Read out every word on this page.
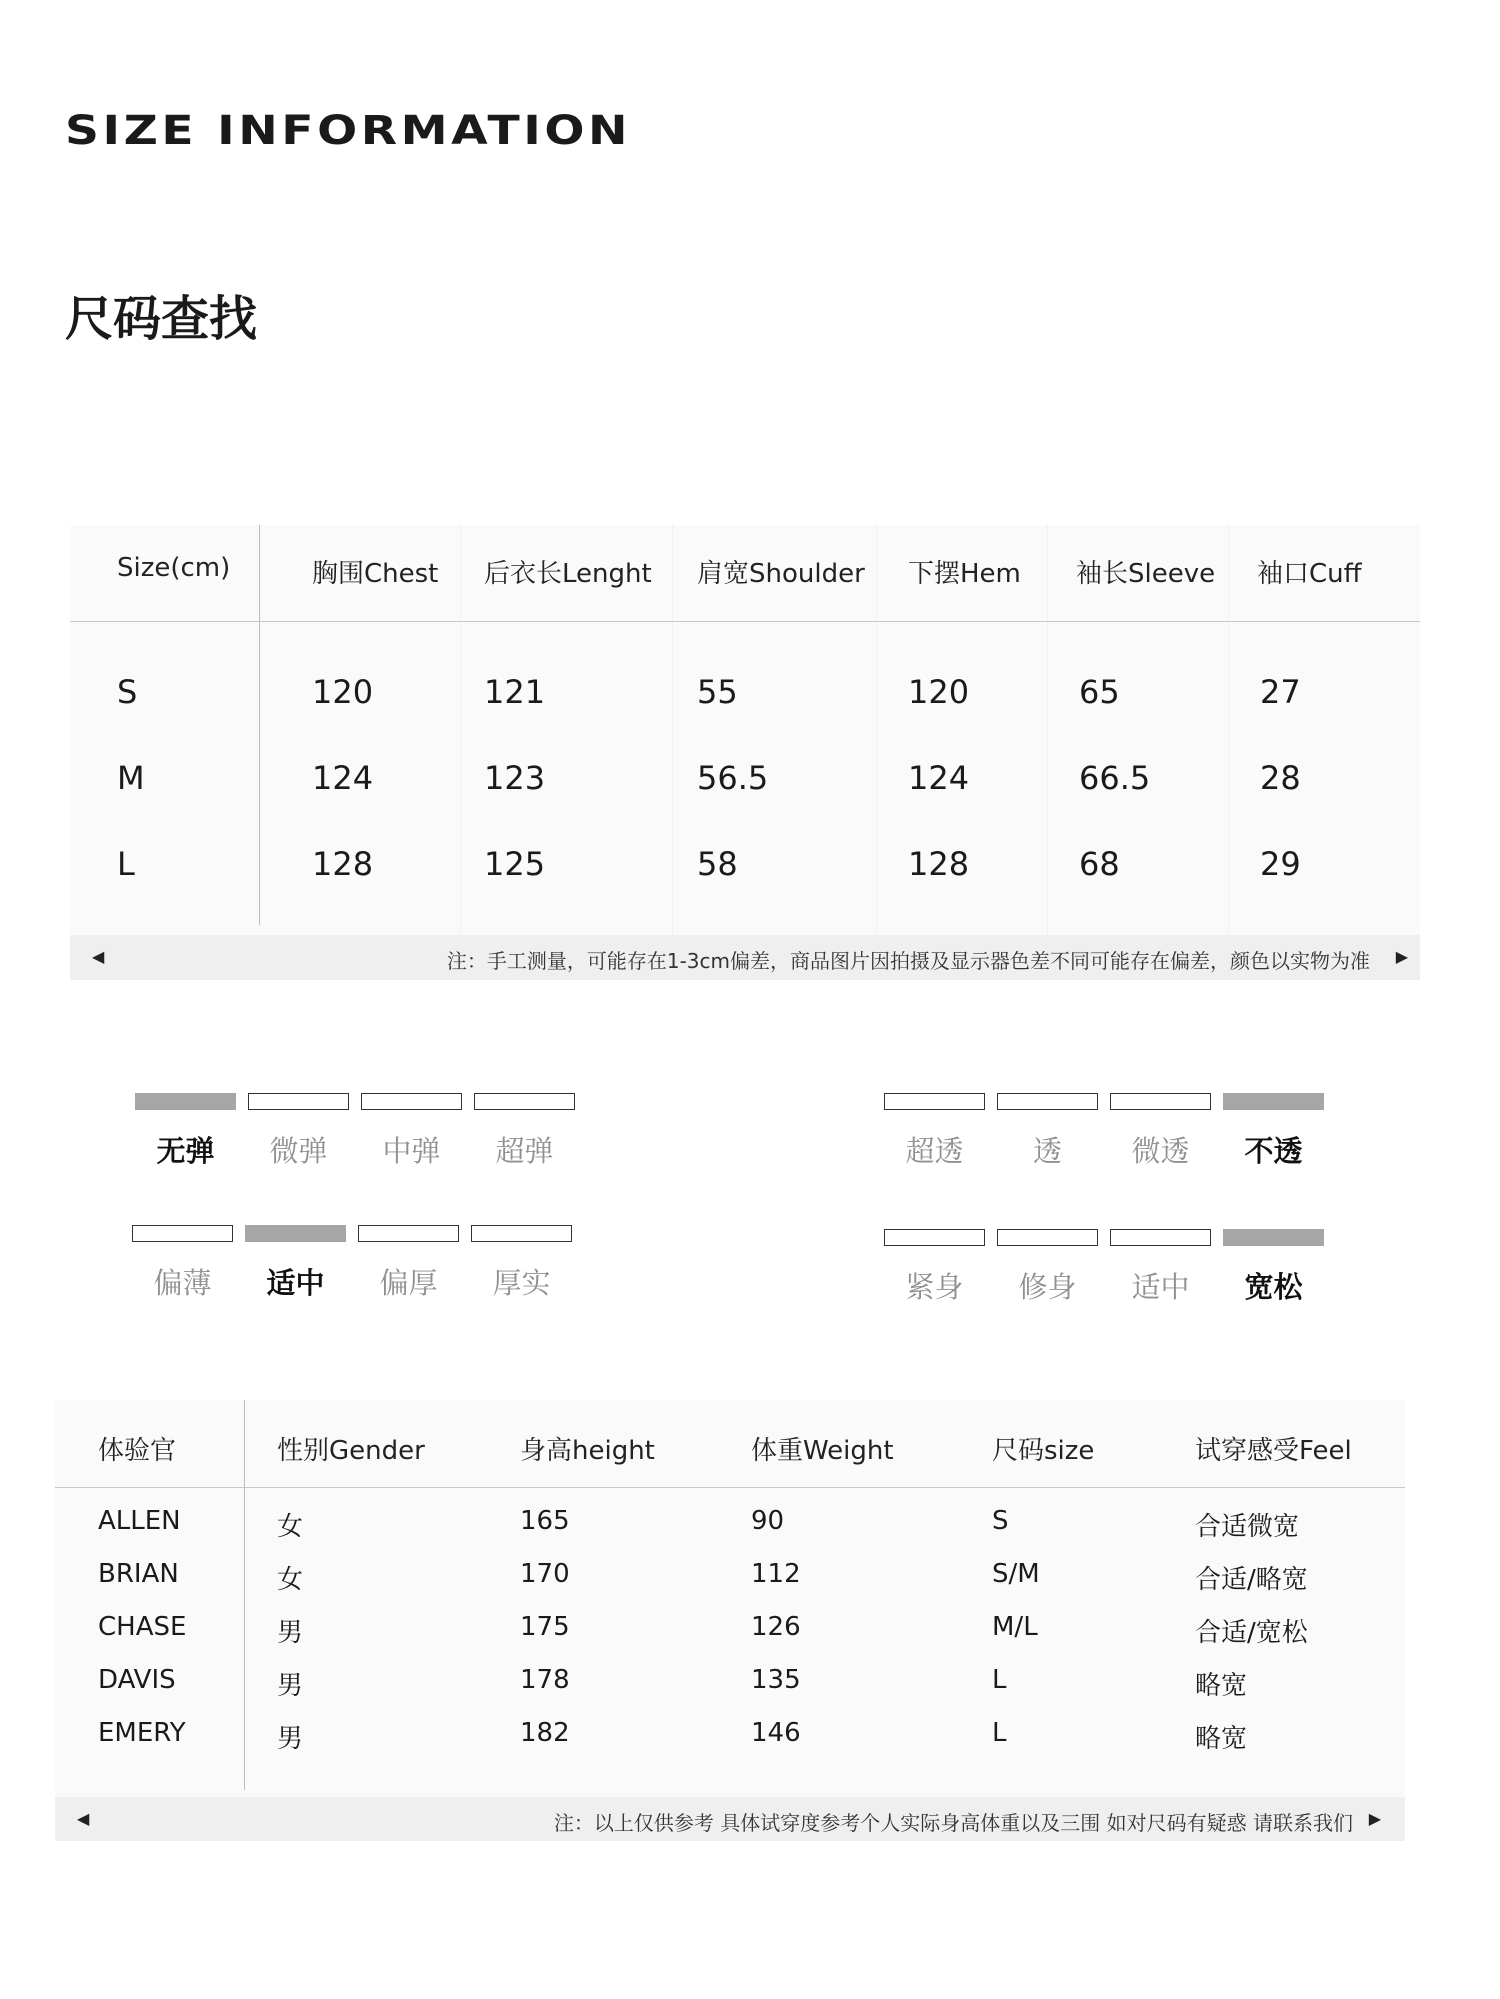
SIZE INFORMATION
尺码查找
Size(cm)	胸围Chest 后衣长Lenght 肩宽Shoulder 下摆Hem 袖长Sleeve 袖口Cuff
S	120	121	55	120	65	27
M	124	123	56.5	124	66.5	28
L	128	125	58	128	68	29
◀	注：手工测量，可能存在1-3cm偏差，商品图片因拍摄及显示器色差不同可能存在偏差，颜色以实物为准 ▶
无弹	微弹	中弹	超弹	超透	透	微透	不透
偏薄	适中	偏厚	厚实	紧身	修身	适中	宽松
体验官	性别Gender	身高height	体重Weight	尺码size	试穿感受Feel
ALLEN	女	165	90	S	合适微宽
BRIAN	女	170	112	S/M	合适/略宽
CHASE	男	175	126	M/L	合适/宽松
DAVIS	男	178	135	L	略宽
EMERY	男	182	146	L	略宽
◀	注：以上仅供参考 具体试穿度参考个人实际身高体重以及三围 如对尺码有疑惑 请联系我们 ▶
